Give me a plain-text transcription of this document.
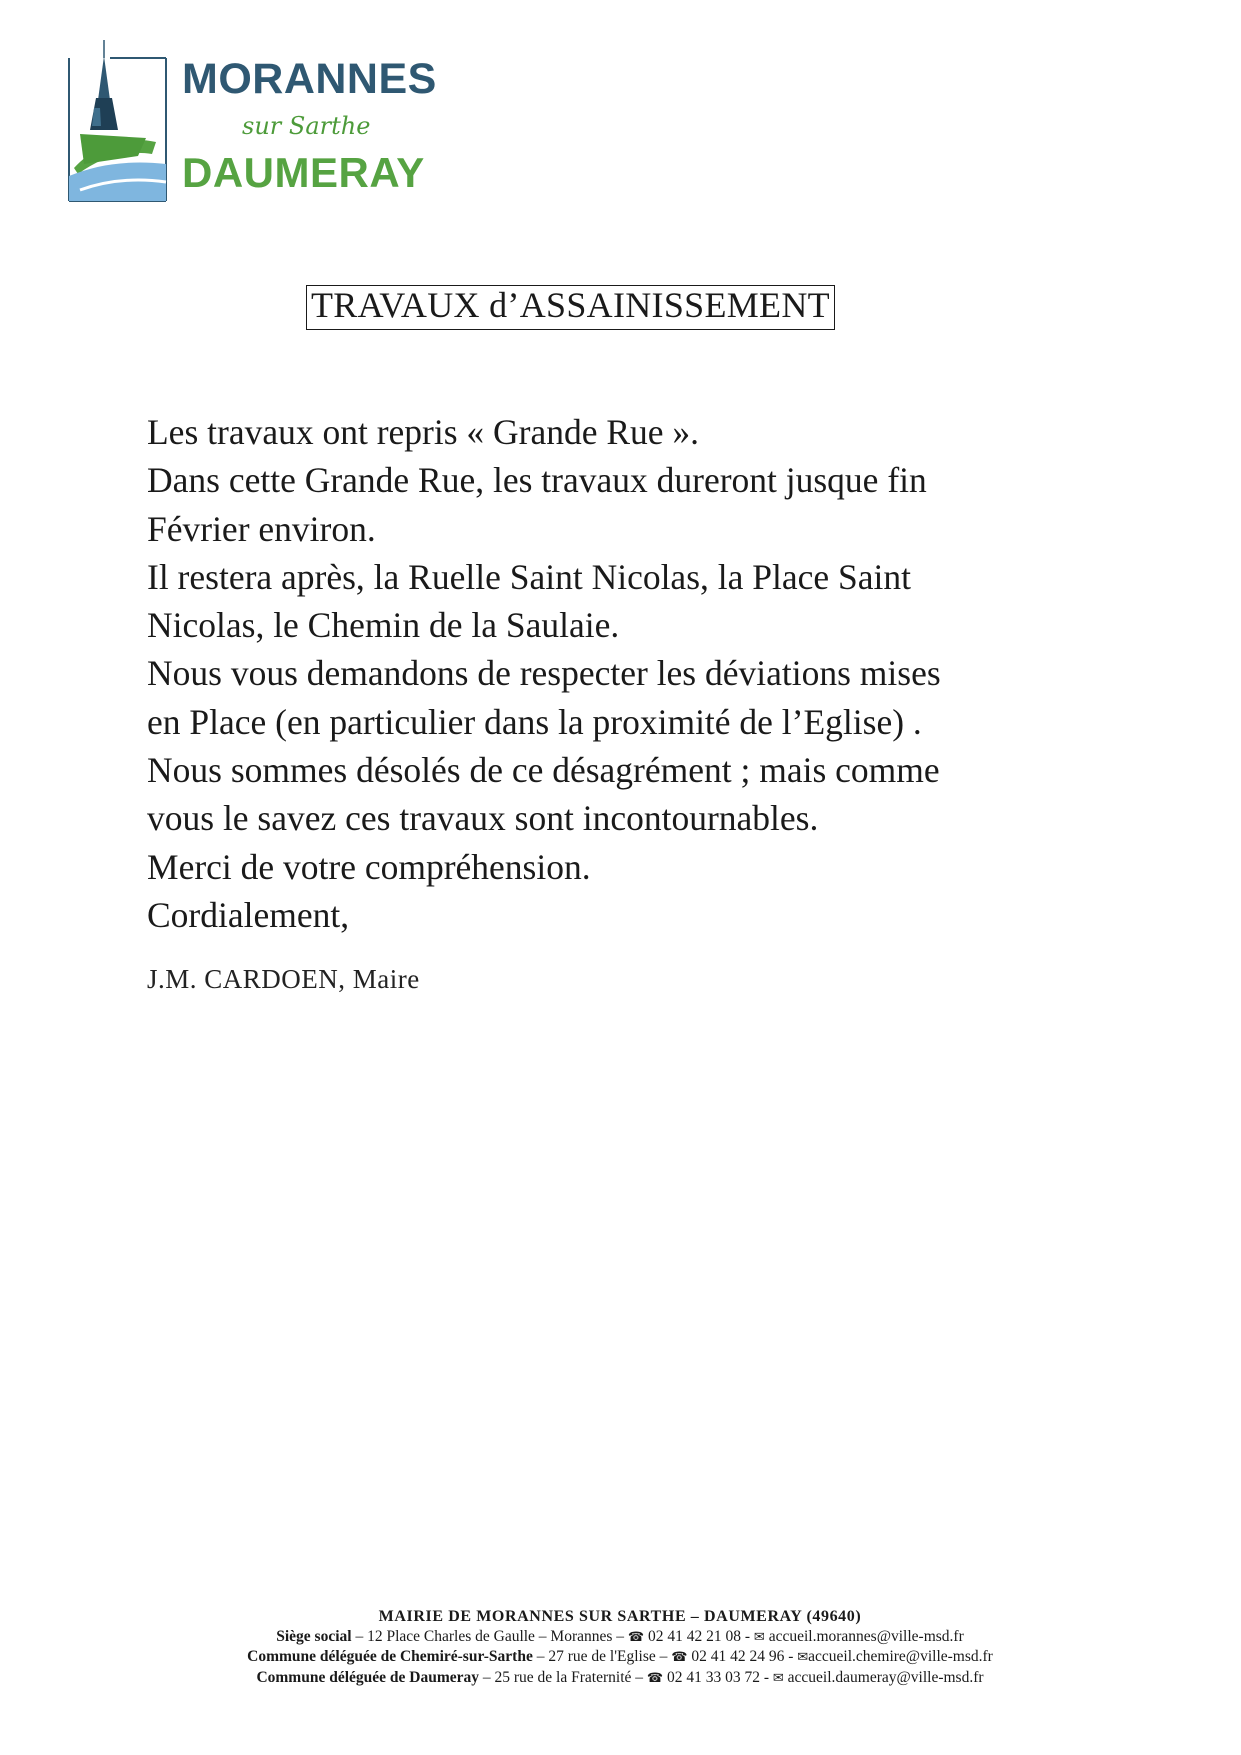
MORANNES
sur Sarthe
DAUMERAY
TRAVAUX d’ASSAINISSEMENT

Les travaux ont repris « Grande Rue ».

Dans cette Grande Rue, les travaux dureront jusque fin

Février environ.

Il restera après, la Ruelle Saint Nicolas, la Place Saint

Nicolas, le Chemin de la Saulaie.

Nous vous demandons de respecter les déviations mises

en Place (en particulier dans la proximité de l’Eglise) .

Nous sommes désolés de ce désagrément ; mais comme

vous le savez ces travaux sont incontournables.

Merci de votre compréhension.

Cordialement,

J.M. CARDOEN, Maire
MAIRIE DE MORANNES SUR SARTHE – DAUMERAY (49640)
Siège social – 12 Place Charles de Gaulle – Morannes – ☎ 02 41 42 21 08 - ✉ accueil.morannes@ville-msd.fr
Commune déléguée de Chemiré-sur-Sarthe – 27 rue de l'Eglise – ☎ 02 41 42 24 96 - ✉accueil.chemire@ville-msd.fr
Commune déléguée de Daumeray – 25 rue de la Fraternité – ☎ 02 41 33 03 72 - ✉ accueil.daumeray@ville-msd.fr
